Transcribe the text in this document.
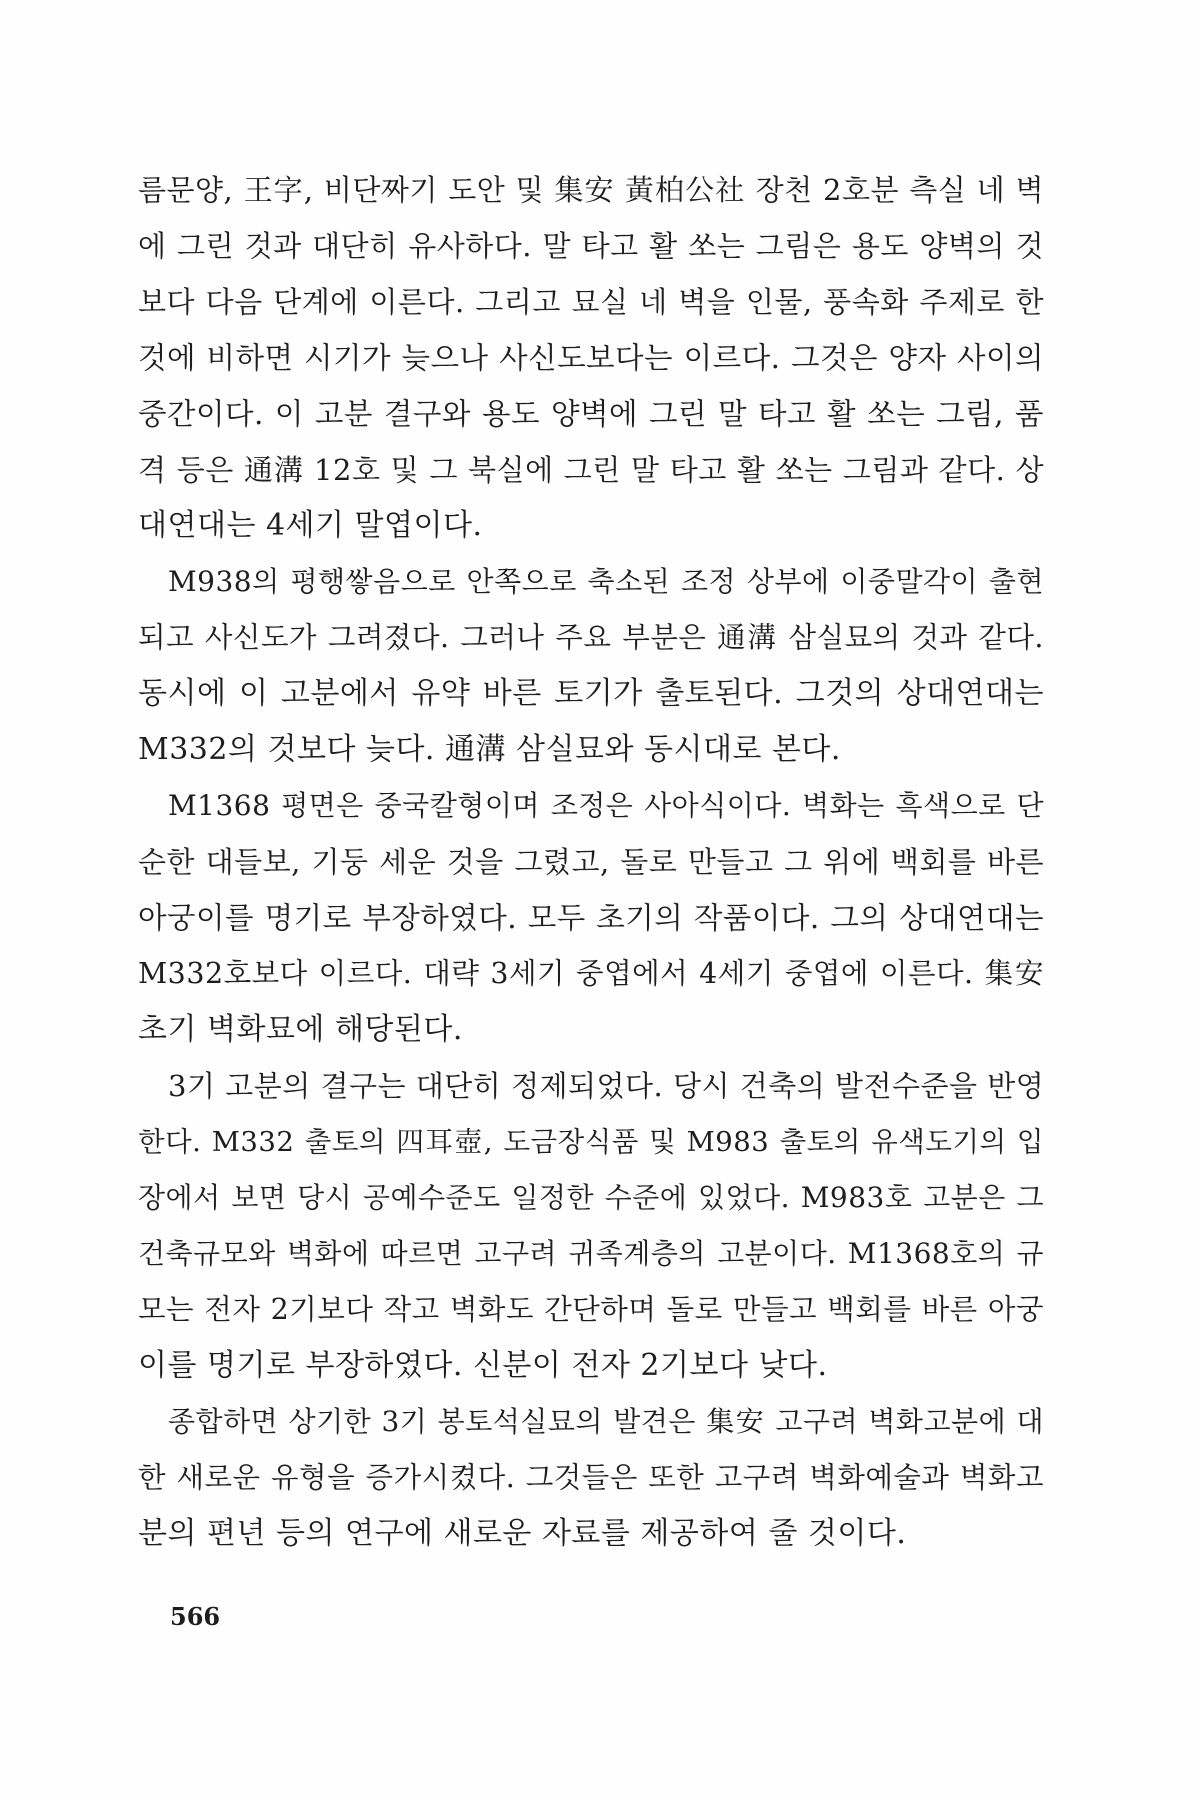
름문양, 王字, 비단짜기 도안 및 集安 黃柏公社 장천 2호분 측실 네 벽
에 그린 것과 대단히 유사하다. 말 타고 활 쏘는 그림은 용도 양벽의 것
보다 다음 단계에 이른다. 그리고 묘실 네 벽을 인물, 풍속화 주제로 한
것에 비하면 시기가 늦으나 사신도보다는 이르다. 그것은 양자 사이의
중간이다. 이 고분 결구와 용도 양벽에 그린 말 타고 활 쏘는 그림, 품
격 등은 通溝 12호 및 그 북실에 그린 말 타고 활 쏘는 그림과 같다. 상
대연대는 4세기 말엽이다.
M938의 평행쌓음으로 안쪽으로 축소된 조정 상부에 이중말각이 출현
되고 사신도가 그려졌다. 그러나 주요 부분은 通溝 삼실묘의 것과 같다.
동시에 이 고분에서 유약 바른 토기가 출토된다. 그것의 상대연대는
M332의 것보다 늦다. 通溝 삼실묘와 동시대로 본다.
M1368 평면은 중국칼형이며 조정은 사아식이다. 벽화는 흑색으로 단
순한 대들보, 기둥 세운 것을 그렸고, 돌로 만들고 그 위에 백회를 바른
아궁이를 명기로 부장하였다. 모두 초기의 작품이다. 그의 상대연대는
M332호보다 이르다. 대략 3세기 중엽에서 4세기 중엽에 이른다. 集安
초기 벽화묘에 해당된다.
3기 고분의 결구는 대단히 정제되었다. 당시 건축의 발전수준을 반영
한다. M332 출토의 四耳壺, 도금장식품 및 M983 출토의 유색도기의 입
장에서 보면 당시 공예수준도 일정한 수준에 있었다. M983호 고분은 그
건축규모와 벽화에 따르면 고구려 귀족계층의 고분이다. M1368호의 규
모는 전자 2기보다 작고 벽화도 간단하며 돌로 만들고 백회를 바른 아궁
이를 명기로 부장하였다. 신분이 전자 2기보다 낮다.
종합하면 상기한 3기 봉토석실묘의 발견은 集安 고구려 벽화고분에 대
한 새로운 유형을 증가시켰다. 그것들은 또한 고구려 벽화예술과 벽화고
분의 편년 등의 연구에 새로운 자료를 제공하여 줄 것이다.
566
